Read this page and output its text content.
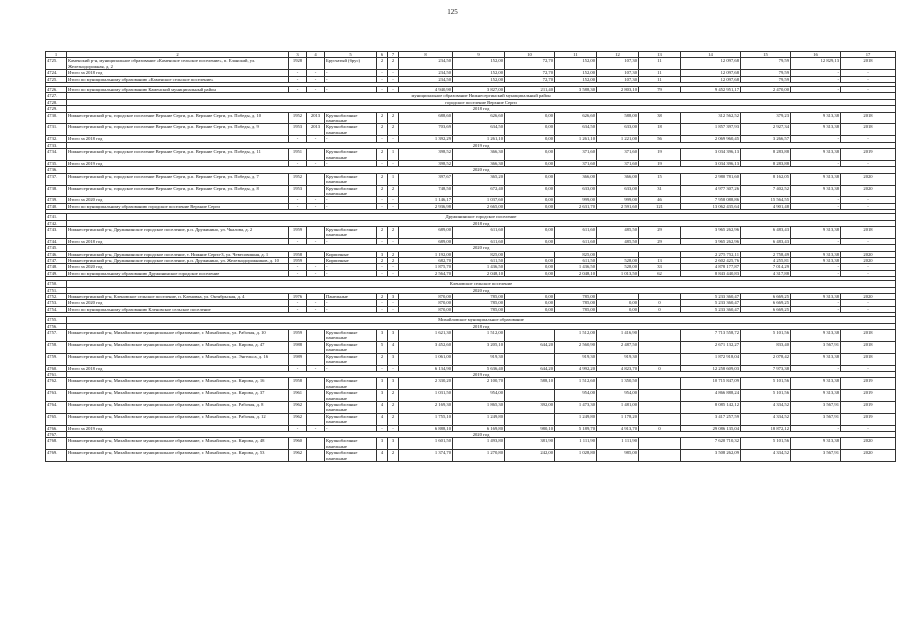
125
1	2	3	4	5	6	7	8	9	10	11	12	13	14	15	16	17
4725.	Каменский р-н, муниципальное образование «Каменское сельское поселение», п. Еланский, ул. Железнодорожная, д. 2	1928		Брусчатый (брус)	2	2	234,50	152,00	72,70	152,00	107,30	11	12 097,68	79,59	12 829,13	2018
4724.	Итого за 2018 год	-	-	-	-	-	234,50	152,00	72,70	152,00	107,30	11	12 097,68	79,59	-	-
4725.	Итого по муниципальному образованию «Каменское сельское поселение»	-	-	-	-	-	234,50	152,00	72,70	152,00	107,30	11	12 097,68	79,59	-	-

4726.	Итого по муниципальному образованию Каменский муниципальный район	-	-	-	-	-	4 940,90	3 827,00	211,40	3 588,30	2 803,10	79	9 452 951,17	2 470,00	-	-
4727.	муниципальное образование Нижнесергинский муниципальный район															
4728.	городское поселение Верхние Серги															
4729.	2018 год															
4730.	Нижнесергинский р-н, городское поселение Верхние Серги, р.п. Верхние Серги, ул. Победы, д. 10	1952	2013	Крупноблочные панельные	2	2	688,60	626,60	0,00	626,60	588,00	38	312 562,52	379,23	9 313,38	2018
4731.	Нижнесергинский р-н, городское поселение Верхние Серги, р.п. Верхние Серги, ул. Победы, д. 9	1953	2013	Крупноблочные панельные	2	2	703,69	634,50	0,00	634,50	633,00	18	1 857 397,93	2 927,34	9 313,38	2018
4732.	Итого за 2018 год	-	-	-	-	-	1 392,29	1 261,10	0,00	1 261,10	1 221,00	56	2 069 960,45	3 266,57	-	-
4733.	2019 год															
4734.	Нижнесергинский р-н, городское поселение Верхние Серги, р.п. Верхние Серги, ул. Победы, д. 11	1951		Крупноблочные панельные	2	1	398,52	366,30	0,00	371,60	371,60	19	3 034 396,13	8 283,88	9 313,38	2019
4735.	Итого за 2019 год	-	-	-	-	-	398,52	366,30	0,00	371,60	371,60	19	3 034 396,13	8 283,88	-	-
4736.	2020 год															
4737.	Нижнесергинский р-н, городское поселение Верхние Серги, р.п. Верхние Серги, ул. Победы, д. 7	1952		Крупноблочные панельные	2	1	397,67	365,20	0,00	366,00	366,00	15	2 980 781,60	8 162,05	9 313,38	2020
4738.	Нижнесергинский р-н, городское поселение Верхние Серги, р.п. Верхние Серги, ул. Победы, д. 8	1953		Крупноблочные панельные	2	2	748,50	672,40	0,00	633,00	633,00	31	4 977 307,26	7 402,52	9 313,38	2020
4739.	Итого за 2020 год	-	-	-	-	-	1 146,17	1 037,60	0,00	999,00	999,00	46	7 958 088,86	15 564,55	-	-
4740.	Итого по муниципальному образованию городское поселение Верхние Серги	-	-	-	-	-	2 936,98	2 665,00	0,00	2 631,70	2 591,60	121	13 062 435,64	4 901,48	-	-

4741.	Дружининское городское поселение															
4742.	2018 год															
4743.	Нижнесергинский р-н, Дружининское городское поселение, р.п. Дружинино, ул. Чкалова, д. 2	1959		Крупноблочные панельные	2	2	689,00	611,60	0,00	611,60	485,50	29	3 965 262,96	6 483,43	9 313,38	2018
4744.	Итого за 2018 год	-	-	-	-	-	689,00	611,60	0,00	611,60	485,50	29	3 965 262,96	6 483,43	-	-
4745.	2020 год															
4746.	Нижнесергинский р-н, Дружининское городское поселение, т. Нижние Серги-3, ул. Чевесовишня, д. 1	1958		Кирпичные	3	2	1 192,00	825,00		825,00			2 275 752,11	2 758,49	9 313,38	2020
4747.	Нижнесергинский р-н, Дружининское городское поселение, р.п. Дружинино, ул. Железнодорожников, д. 10	1959		Кирпичные	2	2	682,70	611,50	0,00	611,50	528,00	13	2 602 425,76	4 255,81	9 313,38	2020
4748.	Итого за 2020 год	-	-	-	-	-	1 875,70	1 436,50	0,00	1 436,50	528,00	33	4 878 177,87	7 014,29	-	-
4749.	Итого по муниципальному образованию Дружининское городское поселение	-	-	-	-	-	2 564,70	2 048,10	0,00	2 048,10	1 013,50	62	8 843 440,83	4 317,88	-	-

4750.	Кленовское сельское поселение															
4751.	2020 год															
4752.	Нижнесергинский р-н, Кленовское сельское поселение, п. Кленовка, ул. Октябрьская, д. 4	1976		Панельные	2	3	870,00	785,00	0,00	785,00			5 233 360,47	6 669,25	9 313,38	2020
4753.	Итого за 2020 год	-	-	-	-	-	870,00	785,00	0,00	785,00	0,00	0	5 233 360,47	6 669,25	-	-
4754.	Итого по муниципальному образованию Кленовское сельское поселение	-	-	-	-	-	870,00	785,00	0,00	785,00	0,00	0	5 233 360,47	6 669,25	-	-

4755.	Михайловское муниципальное образование															
4756.	2018 год															
4757.	Нижнесергинский р-н, Михайловское муниципальное образование, г. Михайловск, ул. Рабочая, д. 10	1959		Крупноблочные панельные	3	3	1 621,30	1 512,00		1 512,00	1 416,90		7 713 558,72	5 101,56	9 313,38	2018
4758.	Нижнесергинский р-н, Михайловское муниципальное образование, г. Михайловск, ул. Кирова, д. 47	1988		Крупноблочные панельные	5	4	3 452,60	3 205,10	644,20	2 560,90	2 487,50		2 671 132,27	833,40	3 567,91	2018
4759.	Нижнесергинский р-н, Михайловское муниципальное образование, г. Михайловск, ул. Энгельса, д. 16	1989		Крупноблочные панельные	2	3	1 061,00	919,30		919,30	919,30		1 872 918,04	2 078,42	9 313,38	2018
4760.	Итого за 2018 год	-	-	-	-	-	6 134,90	5 636,40	644,20	4 992,20	4 823,70	0	12 258 609,03	7 973,38	-	-
4761.	2019 год															
4762.	Нижнесергинский р-н, Михайловское муниципальное образование, г. Михайловск, ул. Кирова, д. 16	1958		Крупноблочные панельные	3	3	2 330,20	2 100,70	588,10	1 512,60	1 350,50		10 715 847,09	5 101,56	9 313,38	2019
4763.	Нижнесергинский р-н, Михайловское муниципальное образование, г. Михайловск, ул. Кирова, д. 37	1961		Крупноблочные панельные	3	2	1 031,50	954,00		954,00	954,00		4 866 888,24	5 101,56	9 313,38	2019
4764.	Нижнесергинский р-н, Михайловское муниципальное образование, г. Михайловск, ул. Рабочая, д. 8	1962		Крупноблочные панельные	4	2	2 169,30	1 865,30	392,00	1 473,30	1 481,00		8 085 142,12	4 334,52	3 567,91	2019
4765.	Нижнесергинский р-н, Михайловское муниципальное образование, г. Михайловск, ул. Рабочая, д. 12	1962		Крупноблочные панельные	4	2	1 755,10	1 249,80		1 249,80	1 178,20		3 417 257,59	4 334,52	3 567,91	2019
4766.	Итого за 2019 год	-	-	-	-	-	6 888,10	6 169,80	980,10	5 189,70	4 913,70	0	29 086 135,04	18 872,12	-	-
4767.	2020 год															
4768.	Нижнесергинский р-н, Михайловское муниципальное образование, г. Михайловск, ул. Кирова, д. 48	1960		Крупноблочные панельные	3	3	1 601,50	1 493,80	381,90	1 111,90	1 111,90		7 620 710,32	5 101,56	9 313,38	2020
4769.	Нижнесергинский р-н, Михайловское муниципальное образование, г. Михайловск, ул. Кирова, д. 53	1962		Крупноблочные панельные	4	2	1 374,70	1 270,80	242,00	1 028,80	985,00		3 508 262,09	4 334,52	3 567,91	2020
